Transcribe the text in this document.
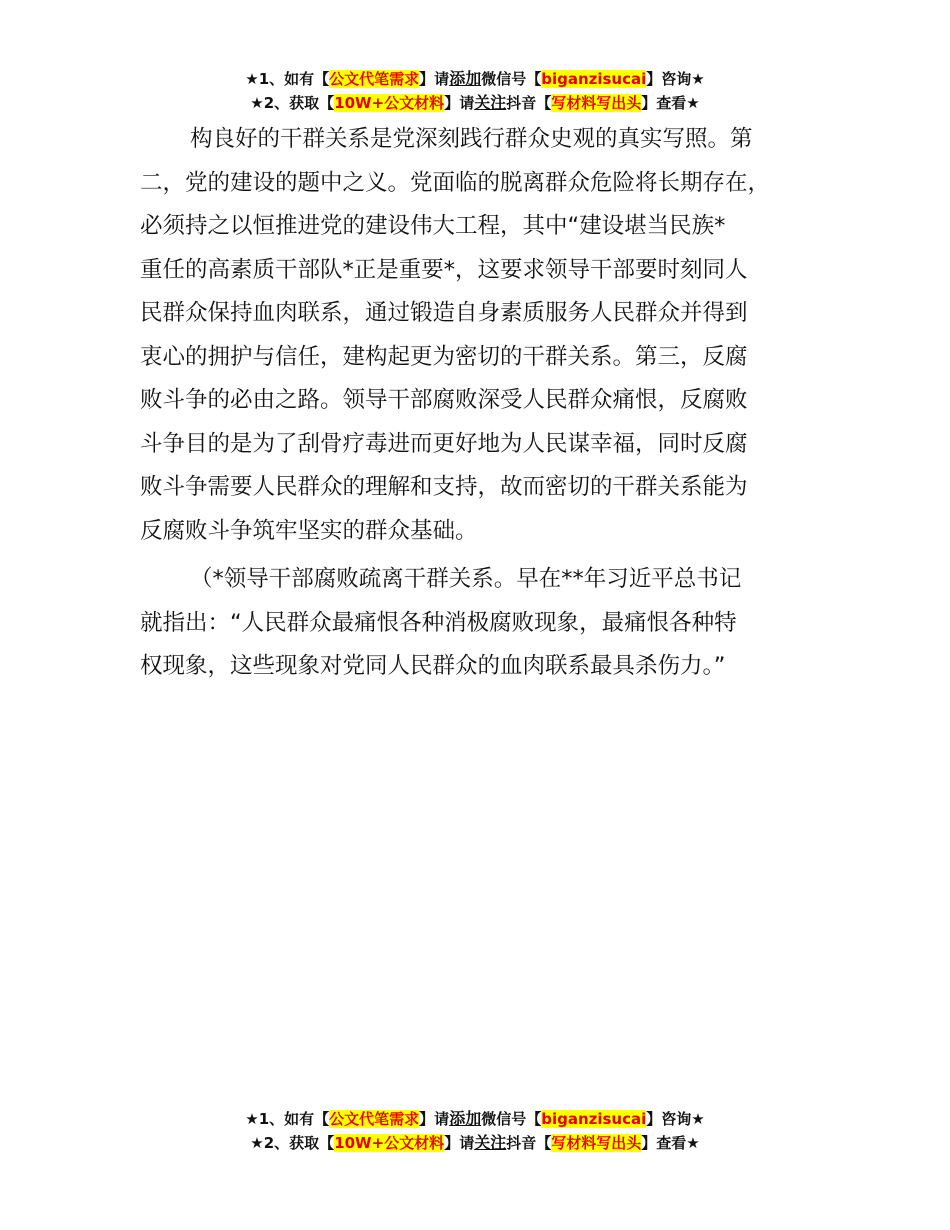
★1、如有【公文代笔需求】请添加微信号【biganzisucai】咨询★
★2、获取【10W+公文材料】请关注抖音【写材料写出头】查看★

构良好的干群关系是党深刻践行群众史观的真实写照。第
二，党的建设的题中之义。党面临的脱离群众危险将长期存在，
必须持之以恒推进党的建设伟大工程，其中“建设堪当民族*
重任的高素质干部队*正是重要*，这要求领导干部要时刻同人
民群众保持血肉联系，通过锻造自身素质服务人民群众并得到
衷心的拥护与信任，建构起更为密切的干群关系。第三，反腐
败斗争的必由之路。领导干部腐败深受人民群众痛恨，反腐败
斗争目的是为了刮骨疗毒进而更好地为人民谋幸福，同时反腐
败斗争需要人民群众的理解和支持，故而密切的干群关系能为
反腐败斗争筑牢坚实的群众基础。

（*领导干部腐败疏离干群关系。早在**年习近平总书记
就指出：“人民群众最痛恨各种消极腐败现象，最痛恨各种特
权现象，这些现象对党同人民群众的血肉联系最具杀伤力。”

★1、如有【公文代笔需求】请添加微信号【biganzisucai】咨询★
★2、获取【10W+公文材料】请关注抖音【写材料写出头】查看★
